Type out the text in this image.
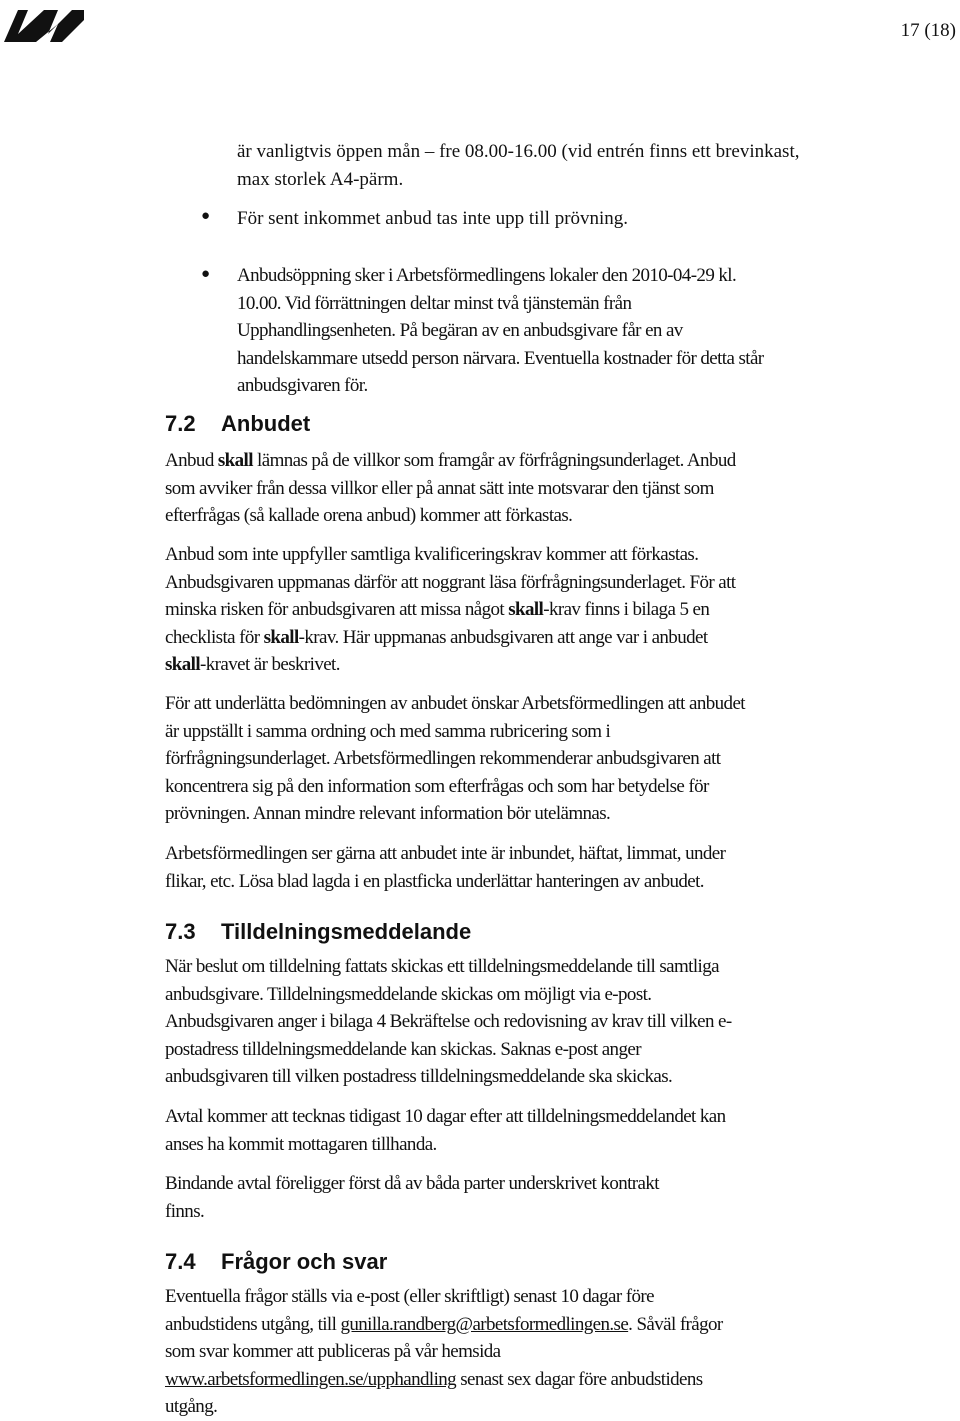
17 (18)
är vanligtvis öppen mån – fre 08.00-16.00 (vid entrén finns ett brevinkast,
max storlek A4-pärm.
● För sent inkommet anbud tas inte upp till prövning.
● Anbudsöppning sker i Arbetsförmedlingens lokaler den 2010-04-29 kl.
10.00. Vid förrättningen deltar minst två tjänstemän från
Upphandlingsenheten. På begäran av en anbudsgivare får en av
handelskammare utsedd person närvara. Eventuella kostnader för detta står
anbudsgivaren för.
7.2 Anbudet
Anbud skall lämnas på de villkor som framgår av förfrågningsunderlaget. Anbud
som avviker från dessa villkor eller på annat sätt inte motsvarar den tjänst som
efterfrågas (så kallade orena anbud) kommer att förkastas.
Anbud som inte uppfyller samtliga kvalificeringskrav kommer att förkastas.
Anbudsgivaren uppmanas därför att noggrant läsa förfrågningsunderlaget. För att
minska risken för anbudsgivaren att missa något skall-krav finns i bilaga 5 en
checklista för skall-krav. Här uppmanas anbudsgivaren att ange var i anbudet
skall-kravet är beskrivet.
För att underlätta bedömningen av anbudet önskar Arbetsförmedlingen att anbudet
är uppställt i samma ordning och med samma rubricering som i
förfrågningsunderlaget. Arbetsförmedlingen rekommenderar anbudsgivaren att
koncentrera sig på den information som efterfrågas och som har betydelse för
prövningen. Annan mindre relevant information bör utelämnas.
Arbetsförmedlingen ser gärna att anbudet inte är inbundet, häftat, limmat, under
flikar, etc. Lösa blad lagda i en plastficka underlättar hanteringen av anbudet.
7.3 Tilldelningsmeddelande
När beslut om tilldelning fattats skickas ett tilldelningsmeddelande till samtliga
anbudsgivare. Tilldelningsmeddelande skickas om möjligt via e-post.
Anbudsgivaren anger i bilaga 4 Bekräftelse och redovisning av krav till vilken e-
postadress tilldelningsmeddelande kan skickas. Saknas e-post anger
anbudsgivaren till vilken postadress tilldelningsmeddelande ska skickas.
Avtal kommer att tecknas tidigast 10 dagar efter att tilldelningsmeddelandet kan
anses ha kommit mottagaren tillhanda.
Bindande avtal föreligger först då av båda parter underskrivet kontrakt
finns.
7.4 Frågor och svar
Eventuella frågor ställs via e-post (eller skriftligt) senast 10 dagar före
anbudstidens utgång, till gunilla.randberg@arbetsformedlingen.se. Såväl frågor
som svar kommer att publiceras på vår hemsida
www.arbetsformedlingen.se/upphandling senast sex dagar före anbudstidens
utgång.
